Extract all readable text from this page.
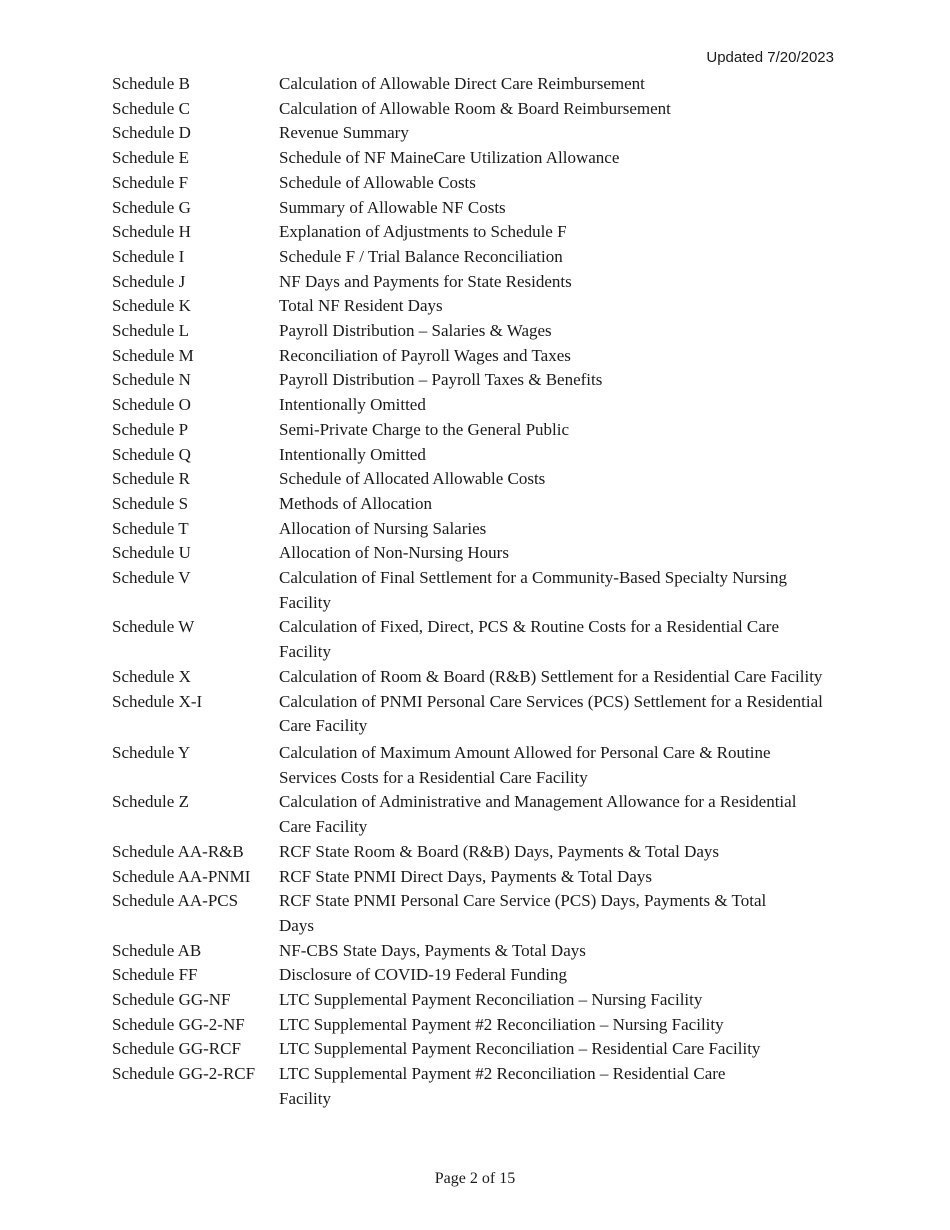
Updated 7/20/2023
Schedule B	Calculation of Allowable Direct Care Reimbursement
Schedule C	Calculation of Allowable Room & Board Reimbursement
Schedule D	Revenue Summary
Schedule E	Schedule of NF MaineCare Utilization Allowance
Schedule F	Schedule of Allowable Costs
Schedule G	Summary of Allowable NF Costs
Schedule H	Explanation of Adjustments to Schedule F
Schedule I	Schedule F / Trial Balance Reconciliation
Schedule J	NF Days and Payments for State Residents
Schedule K	Total NF Resident Days
Schedule L	Payroll Distribution – Salaries & Wages
Schedule M	Reconciliation of Payroll Wages and Taxes
Schedule N	Payroll Distribution – Payroll Taxes & Benefits
Schedule O	Intentionally Omitted
Schedule P	Semi-Private Charge to the General Public
Schedule Q	Intentionally Omitted
Schedule R	Schedule of Allocated Allowable Costs
Schedule S	Methods of Allocation
Schedule T	Allocation of Nursing Salaries
Schedule U	Allocation of Non-Nursing Hours
Schedule V	Calculation of Final Settlement for a Community-Based Specialty Nursing Facility
Schedule W	Calculation of Fixed, Direct, PCS & Routine Costs for a Residential Care Facility
Schedule X	Calculation of Room & Board (R&B) Settlement for a Residential Care Facility
Schedule X-I	Calculation of PNMI Personal Care Services (PCS) Settlement for a Residential Care Facility
Schedule Y	Calculation of Maximum Amount Allowed for Personal Care & Routine Services Costs for a Residential Care Facility
Schedule Z	Calculation of Administrative and Management Allowance for a Residential Care Facility
Schedule AA-R&B	RCF State Room & Board (R&B) Days, Payments & Total Days
Schedule AA-PNMI	RCF State PNMI Direct Days, Payments & Total Days
Schedule AA-PCS	RCF State PNMI Personal Care Service (PCS) Days, Payments & Total Days
Schedule AB	NF-CBS State Days, Payments & Total Days
Schedule FF	Disclosure of COVID-19 Federal Funding
Schedule GG-NF	LTC Supplemental Payment Reconciliation – Nursing Facility
Schedule GG-2-NF	LTC Supplemental Payment #2 Reconciliation – Nursing Facility
Schedule GG-RCF	LTC Supplemental Payment Reconciliation – Residential Care Facility
Schedule GG-2-RCF	LTC Supplemental Payment #2 Reconciliation – Residential Care Facility
Page 2 of 15
